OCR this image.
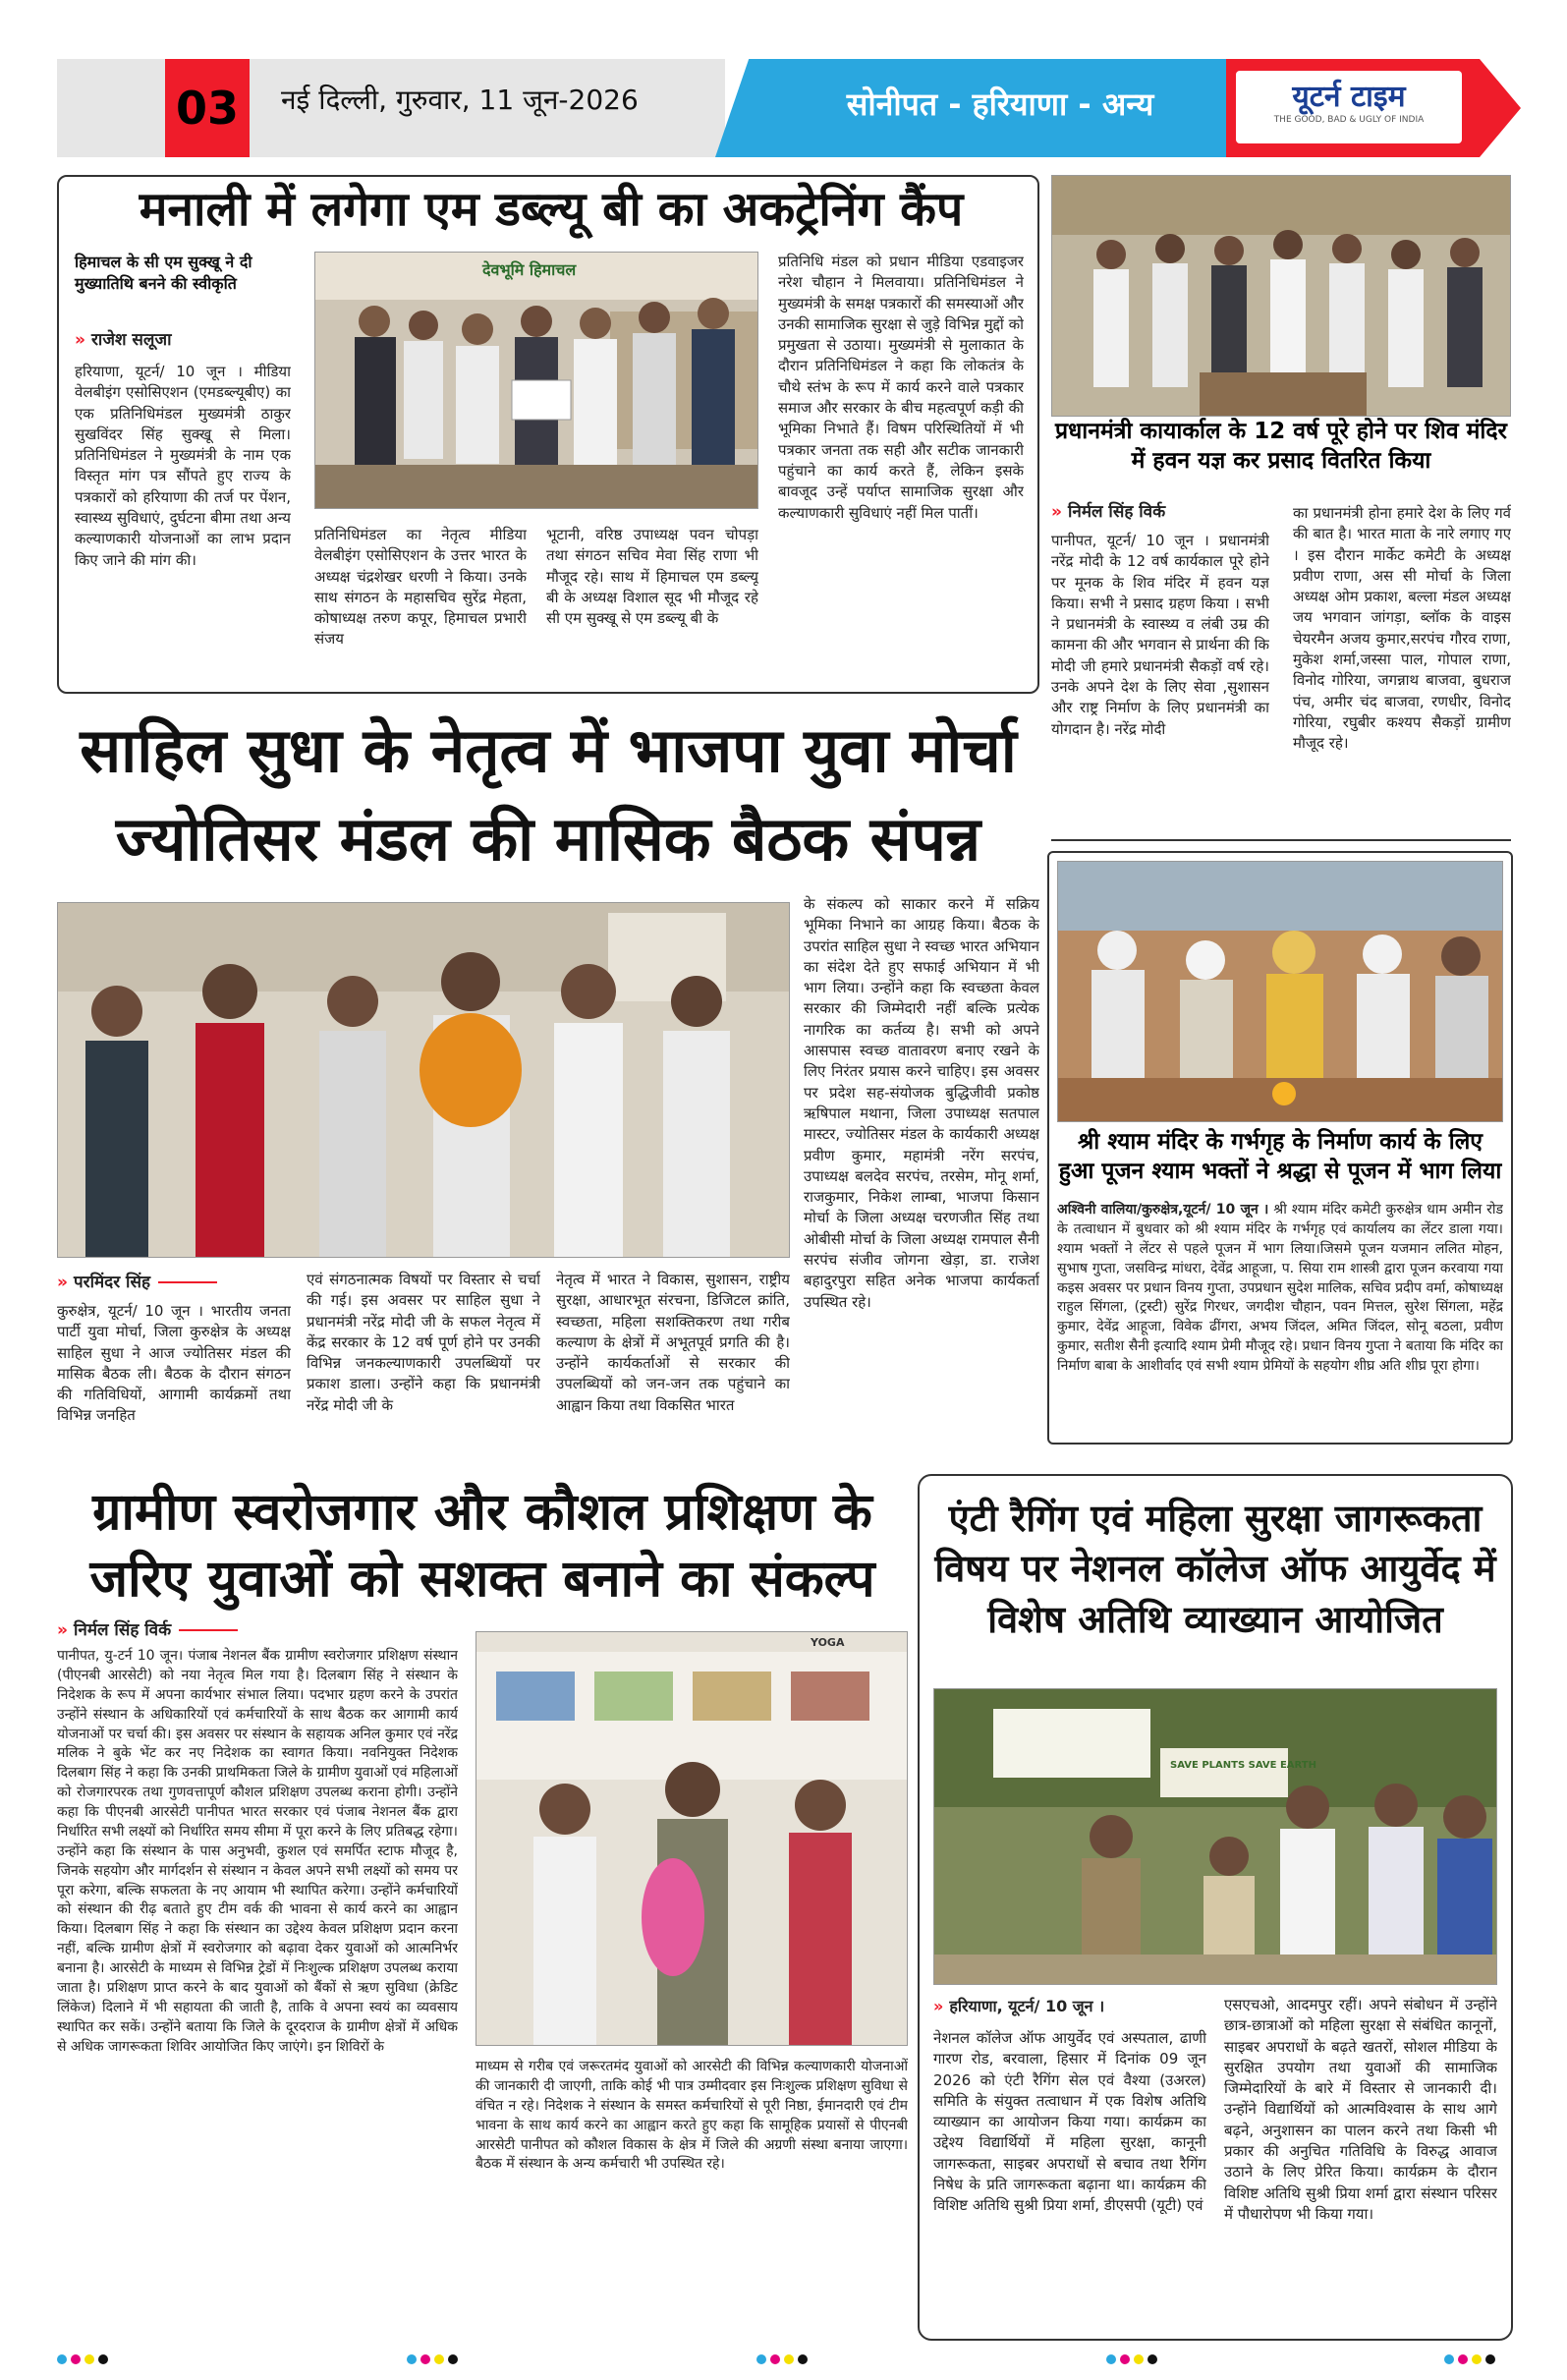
03	नई दिल्ली, गुरुवार, 11 जून-2026	सोनीपत - हरियाणा - अन्य	यूटर्न टाइम
THE GOOD, BAD & UGLY OF INDIA
मनाली में लगेगा एम डब्ल्यू बी का अकट्रेनिंग कैंप
हिमाचल के सी एम सुक्खू ने दी मुख्यातिथि बनने की स्वीकृति
» राजेश सलूजा
हरियाणा, यूटर्न/ 10 जून । मीडिया वेलबीइंग एसोसिएशन (एमडब्ल्यूबीए) का एक प्रतिनिधिमंडल मुख्यमंत्री ठाकुर सुखविंदर सिंह सुक्खू से मिला। प्रतिनिधिमंडल ने मुख्यमंत्री के नाम एक विस्तृत मांग पत्र सौंपते हुए राज्य के पत्रकारों को हरियाणा की तर्ज पर पेंशन, स्वास्थ्य सुविधाएं, दुर्घटना बीमा तथा अन्य कल्याणकारी योजनाओं का लाभ प्रदान किए जाने की मांग की।
देवभूमि हिमाचल
प्रतिनिधिमंडल का नेतृत्व मीडिया वेलबीइंग एसोसिएशन के उत्तर भारत के अध्यक्ष चंद्रशेखर धरणी ने किया। उनके साथ संगठन के महासचिव सुरेंद्र मेहता, कोषाध्यक्ष तरुण कपूर, हिमाचल प्रभारी संजय
भूटानी, वरिष्ठ उपाध्यक्ष पवन चोपड़ा तथा संगठन सचिव मेवा सिंह राणा भी मौजूद रहे। साथ में हिमाचल एम डब्ल्यू बी के अध्यक्ष विशाल सूद भी मौजूद रहे सी एम सुक्खू से एम डब्ल्यू बी के
प्रतिनिधि मंडल को प्रधान मीडिया एडवाइजर नरेश चौहान ने मिलवाया। प्रतिनिधिमंडल ने मुख्यमंत्री के समक्ष पत्रकारों की समस्याओं और उनकी सामाजिक सुरक्षा से जुड़े विभिन्न मुद्दों को प्रमुखता से उठाया। मुख्यमंत्री से मुलाकात के दौरान प्रतिनिधिमंडल ने कहा कि लोकतंत्र के चौथे स्तंभ के रूप में कार्य करने वाले पत्रकार समाज और सरकार के बीच महत्वपूर्ण कड़ी की भूमिका निभाते हैं। विषम परिस्थितियों में भी पत्रकार जनता तक सही और सटीक जानकारी पहुंचाने का कार्य करते हैं, लेकिन इसके बावजूद उन्हें पर्याप्त सामाजिक सुरक्षा और कल्याणकारी सुविधाएं नहीं मिल पातीं।
प्रधानमंत्री कायार्काल के 12 वर्ष पूरे होने पर शिव मंदिर में हवन यज्ञ कर प्रसाद वितरित किया
» निर्मल सिंह विर्क
पानीपत, यूटर्न/ 10 जून । प्रधानमंत्री नरेंद्र मोदी के 12 वर्ष कार्यकाल पूरे होने पर मूनक के शिव मंदिर में हवन यज्ञ किया। सभी ने प्रसाद ग्रहण किया । सभी ने प्रधानमंत्री के स्वास्थ्य व लंबी उम्र की कामना की और भगवान से प्रार्थना की कि मोदी जी हमारे प्रधानमंत्री सैकड़ों वर्ष रहे। उनके अपने देश के लिए सेवा ,सुशासन और राष्ट्र निर्माण के लिए प्रधानमंत्री का योगदान है। नरेंद्र मोदी
का प्रधानमंत्री होना हमारे देश के लिए गर्व की बात है। भारत माता के नारे लगाए गए । इस दौरान मार्केट कमेटी के अध्यक्ष प्रवीण राणा, अस सी मोर्चा के जिला अध्यक्ष ओम प्रकाश, बल्ला मंडल अध्यक्ष जय भगवान जांगड़ा, ब्लॉक के वाइस चेयरमैन अजय कुमार,सरपंच गौरव राणा, मुकेश शर्मा,जस्सा पाल, गोपाल राणा, विनोद गोरिया, जगन्नाथ बाजवा, बुधराज पंच, अमीर चंद बाजवा, रणधीर, विनोद गोरिया, रघुबीर कश्यप सैकड़ों ग्रामीण मौजूद रहे।
साहिल सुधा के नेतृत्व में भाजपा युवा मोर्चा
ज्योतिसर मंडल की मासिक बैठक संपन्न
के संकल्प को साकार करने में सक्रिय भूमिका निभाने का आग्रह किया। बैठक के उपरांत साहिल सुधा ने स्वच्छ भारत अभियान का संदेश देते हुए सफाई अभियान में भी भाग लिया। उन्होंने कहा कि स्वच्छता केवल सरकार की जिम्मेदारी नहीं बल्कि प्रत्येक नागरिक का कर्तव्य है। सभी को अपने आसपास स्वच्छ वातावरण बनाए रखने के लिए निरंतर प्रयास करने चाहिए। इस अवसर पर प्रदेश सह-संयोजक बुद्धिजीवी प्रकोष्ठ ऋषिपाल मथाना, जिला उपाध्यक्ष सतपाल मास्टर, ज्योतिसर मंडल के कार्यकारी अध्यक्ष प्रवीण कुमार, महामंत्री नरेंग सरपंच, उपाध्यक्ष बलदेव सरपंच, तरसेम, मोनू शर्मा, राजकुमार, निकेश लाम्बा, भाजपा किसान मोर्चा के जिला अध्यक्ष चरणजीत सिंह तथा ओबीसी मोर्चा के जिला अध्यक्ष रामपाल सैनी सरपंच संजीव जोगना खेड़ा, डा. राजेश बहादुरपुरा सहित अनेक भाजपा कार्यकर्ता उपस्थित रहे।
» परमिंदर सिंह
कुरुक्षेत्र, यूटर्न/ 10 जून । भारतीय जनता पार्टी युवा मोर्चा, जिला कुरुक्षेत्र के अध्यक्ष साहिल सुधा ने आज ज्योतिसर मंडल की मासिक बैठक ली। बैठक के दौरान संगठन की गतिविधियों, आगामी कार्यक्रमों तथा विभिन्न जनहित
एवं संगठनात्मक विषयों पर विस्तार से चर्चा की गई। इस अवसर पर साहिल सुधा ने प्रधानमंत्री नरेंद्र मोदी जी के सफल नेतृत्व में केंद्र सरकार के 12 वर्ष पूर्ण होने पर उनकी विभिन्न जनकल्याणकारी उपलब्धियों पर प्रकाश डाला। उन्होंने कहा कि प्रधानमंत्री नरेंद्र मोदी जी के
नेतृत्व में भारत ने विकास, सुशासन, राष्ट्रीय सुरक्षा, आधारभूत संरचना, डिजिटल क्रांति, स्वच्छता, महिला सशक्तिकरण तथा गरीब कल्याण के क्षेत्रों में अभूतपूर्व प्रगति की है। उन्होंने कार्यकर्ताओं से सरकार की उपलब्धियों को जन-जन तक पहुंचाने का आह्वान किया तथा विकसित भारत
श्री श्याम मंदिर के गर्भगृह के निर्माण कार्य के लिए हुआ पूजन श्याम भक्तों ने श्रद्धा से पूजन में भाग लिया
अश्विनी वालिया/कुरुक्षेत्र,यूटर्न/ 10 जून । श्री श्याम मंदिर कमेटी कुरुक्षेत्र धाम अमीन रोड के तत्वाधान में बुधवार को श्री श्याम मंदिर के गर्भगृह एवं कार्यालय का लेंटर डाला गया। श्याम भक्तों ने लेंटर से पहले पूजन में भाग लिया।जिसमे पूजन यजमान ललित मोहन, सुभाष गुप्ता, जसविन्द्र मांधरा, देवेंद्र आहूजा, प. सिया राम शास्त्री द्वारा पूजन करवाया गया कइस अवसर पर प्रधान विनय गुप्ता, उपप्रधान सुदेश मालिक, सचिव प्रदीप वर्मा, कोषाध्यक्ष राहुल सिंगला, (ट्रस्टी) सुरेंद्र गिरधर, जगदीश चौहान, पवन मित्तल, सुरेश सिंगला, महेंद्र कुमार, देवेंद्र आहूजा, विवेक ढींगरा, अभय जिंदल, अमित जिंदल, सोनू बठला, प्रवीण कुमार, सतीश सैनी इत्यादि श्याम प्रेमी मौजूद रहे। प्रधान विनय गुप्ता ने बताया कि मंदिर का निर्माण बाबा के आशीर्वाद एवं सभी श्याम प्रेमियों के सहयोग शीघ्र अति शीघ्र पूरा होगा।
ग्रामीण स्वरोजगार और कौशल प्रशिक्षण के
जरिए युवाओं को सशक्त बनाने का संकल्प
» निर्मल सिंह विर्क
पानीपत, यु-टर्न 10 जून। पंजाब नेशनल बैंक ग्रामीण स्वरोजगार प्रशिक्षण संस्थान (पीएनबी आरसेटी) को नया नेतृत्व मिल गया है। दिलबाग सिंह ने संस्थान के निदेशक के रूप में अपना कार्यभार संभाल लिया। पदभार ग्रहण करने के उपरांत उन्होंने संस्थान के अधिकारियों एवं कर्मचारियों के साथ बैठक कर आगामी कार्य योजनाओं पर चर्चा की। इस अवसर पर संस्थान के सहायक अनिल कुमार एवं नरेंद्र मलिक ने बुके भेंट कर नए निदेशक का स्वागत किया। नवनियुक्त निदेशक दिलबाग सिंह ने कहा कि उनकी प्राथमिकता जिले के ग्रामीण युवाओं एवं महिलाओं को रोजगारपरक तथा गुणवत्तापूर्ण कौशल प्रशिक्षण उपलब्ध कराना होगी। उन्होंने कहा कि पीएनबी आरसेटी पानीपत भारत सरकार एवं पंजाब नेशनल बैंक द्वारा निर्धारित सभी लक्ष्यों को निर्धारित समय सीमा में पूरा करने के लिए प्रतिबद्ध रहेगा। उन्होंने कहा कि संस्थान के पास अनुभवी, कुशल एवं समर्पित स्टाफ मौजूद है, जिनके सहयोग और मार्गदर्शन से संस्थान न केवल अपने सभी लक्ष्यों को समय पर पूरा करेगा, बल्कि सफलता के नए आयाम भी स्थापित करेगा। उन्होंने कर्मचारियों को संस्थान की रीढ़ बताते हुए टीम वर्क की भावना से कार्य करने का आह्वान किया। दिलबाग सिंह ने कहा कि संस्थान का उद्देश्य केवल प्रशिक्षण प्रदान करना नहीं, बल्कि ग्रामीण क्षेत्रों में स्वरोजगार को बढ़ावा देकर युवाओं को आत्मनिर्भर बनाना है। आरसेटी के माध्यम से विभिन्न ट्रेडों में निःशुल्क प्रशिक्षण उपलब्ध कराया जाता है। प्रशिक्षण प्राप्त करने के बाद युवाओं को बैंकों से ऋण सुविधा (क्रेडिट लिंकेज) दिलाने में भी सहायता की जाती है, ताकि वे अपना स्वयं का व्यवसाय स्थापित कर सकें। उन्होंने बताया कि जिले के दूरदराज के ग्रामीण क्षेत्रों में अधिक से अधिक जागरूकता शिविर आयोजित किए जाएंगे। इन शिविरों के
YOGA
माध्यम से गरीब एवं जरूरतमंद युवाओं को आरसेटी की विभिन्न कल्याणकारी योजनाओं की जानकारी दी जाएगी, ताकि कोई भी पात्र उम्मीदवार इस निःशुल्क प्रशिक्षण सुविधा से वंचित न रहे। निदेशक ने संस्थान के समस्त कर्मचारियों से पूरी निष्ठा, ईमानदारी एवं टीम भावना के साथ कार्य करने का आह्वान करते हुए कहा कि सामूहिक प्रयासों से पीएनबी आरसेटी पानीपत को कौशल विकास के क्षेत्र में जिले की अग्रणी संस्था बनाया जाएगा। बैठक में संस्थान के अन्य कर्मचारी भी उपस्थित रहे।
एंटी रैगिंग एवं महिला सुरक्षा जागरूकता विषय पर नेशनल कॉलेज ऑफ आयुर्वेद में विशेष अतिथि व्याख्यान आयोजित
SAVE PLANTS SAVE EARTH
» हरियाणा, यूटर्न/ 10 जून ।
नेशनल कॉलेज ऑफ आयुर्वेद एवं अस्पताल, ढाणी गारण रोड, बरवाला, हिसार में दिनांक 09 जून 2026 को एंटी रैगिंग सेल एवं वैश्या (उअरल) समिति के संयुक्त तत्वाधान में एक विशेष अतिथि व्याख्यान का आयोजन किया गया। कार्यक्रम का उद्देश्य विद्यार्थियों में महिला सुरक्षा, कानूनी जागरूकता, साइबर अपराधों से बचाव तथा रैगिंग निषेध के प्रति जागरूकता बढ़ाना था। कार्यक्रम की विशिष्ट अतिथि सुश्री प्रिया शर्मा, डीएसपी (यूटी) एवं
एसएचओ, आदमपुर रहीं। अपने संबोधन में उन्होंने छात्र-छात्राओं को महिला सुरक्षा से संबंधित कानूनों, साइबर अपराधों के बढ़ते खतरों, सोशल मीडिया के सुरक्षित उपयोग तथा युवाओं की सामाजिक जिम्मेदारियों के बारे में विस्तार से जानकारी दी। उन्होंने विद्यार्थियों को आत्मविश्वास के साथ आगे बढ़ने, अनुशासन का पालन करने तथा किसी भी प्रकार की अनुचित गतिविधि के विरुद्ध आवाज उठाने के लिए प्रेरित किया। कार्यक्रम के दौरान विशिष्ट अतिथि सुश्री प्रिया शर्मा द्वारा संस्थान परिसर में पौधारोपण भी किया गया।
